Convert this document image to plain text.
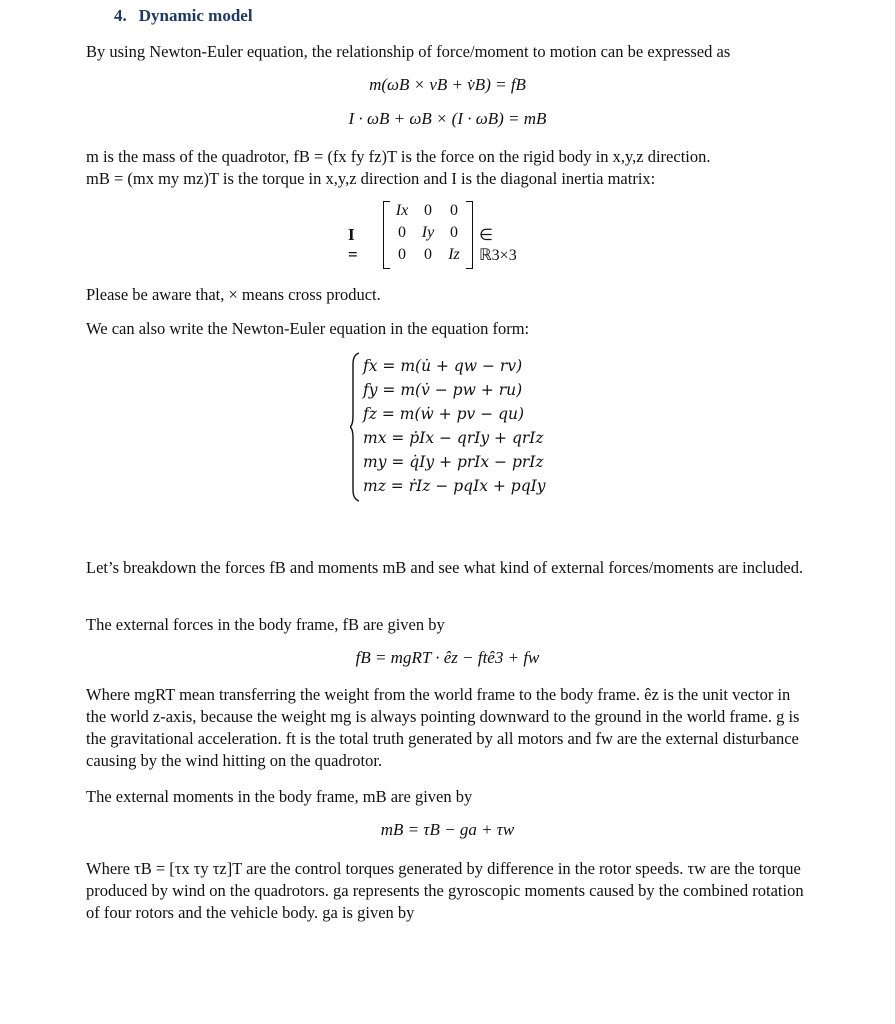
4. Dynamic model
By using Newton-Euler equation, the relationship of force/moment to motion can be expressed as
m(ωB × vB + v̇B) = fB
I · ω̇B + ωB × (I · ωB) = mB
m is the mass of the quadrotor, fB = (fx fy fz)T is the force on the rigid body in x,y,z direction.
mB = (mx my mz)T is the torque in x,y,z direction and I is the diagonal inertia matrix:
I =
Ix 0	0
0 Iy 0
0	0	Iz
∈ ℝ3×3
Please be aware that, × means cross product.
We can also write the Newton-Euler equation in the equation form:
fx = m(u̇ + qw − rv)
fy = m(v̇ − pw + ru)
fz = m(ẇ + pv − qu)
mx = ṗIx − qrIy + qrIz
my = q̇Iy + prIx − prIz
mz = ṙIz − pqIx + pqIy
Let’s breakdown the forces fB and moments mB and see what kind of external forces/moments are included.
The external forces in the body frame, fB are given by
fB = mgRT · êz − ftê3 + fw
Where mgRT mean transferring the weight from the world frame to the body frame. êz is the unit vector in the world z-axis, because the weight mg is always pointing downward to the ground in the world frame. g is the gravitational acceleration. ft is the total truth generated by all motors and fw are the external disturbance causing by the wind hitting on the quadrotor.
The external moments in the body frame, mB are given by
mB = τB − ga + τw
Where τB = [τx τy τz]T are the control torques generated by difference in the rotor speeds. τw are the torque produced by wind on the quadrotors. ga represents the gyroscopic moments caused by the combined rotation of four rotors and the vehicle body. ga is given by
